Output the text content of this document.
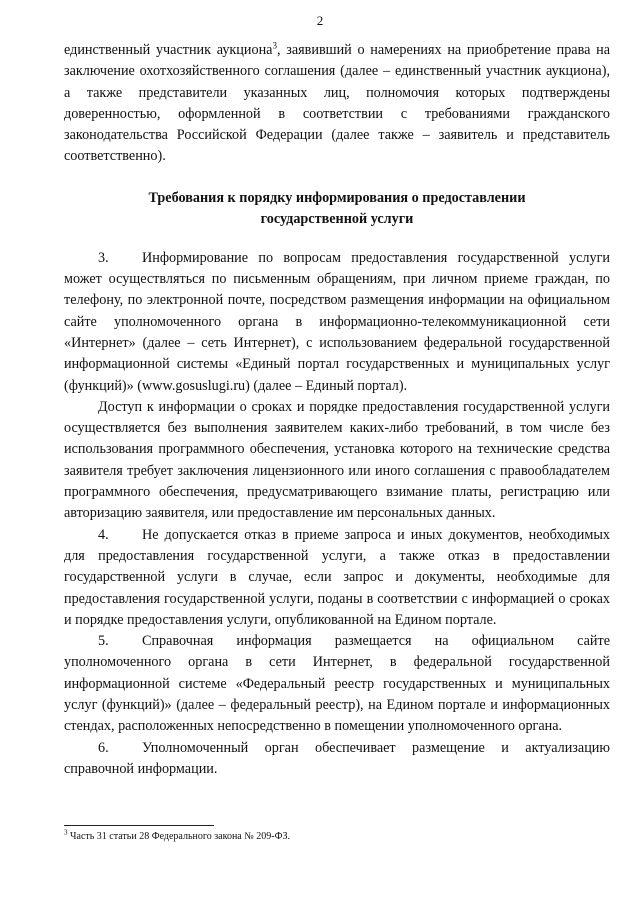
2

единственный участник аукциона$^3$, заявивший о намерениях на приобретение права на заключение охотхозяйственного соглашения (далее – единственный участник аукциона), а также представители указанных лиц, полномочия которых подтверждены доверенностью, оформленной в соответствии с требованиями гражданского законодательства Российской Федерации (далее также – заявитель и представитель соответственно).

Требования к порядку информирования о предоставлении
государственной услуги

3. Информирование по вопросам предоставления государственной услуги может осуществляться по письменным обращениям, при личном приеме граждан, по телефону, по электронной почте, посредством размещения информации на официальном сайте уполномоченного органа в информационно-телекоммуникационной сети «Интернет» (далее – сеть Интернет), с использованием федеральной государственной информационной системы «Единый портал государственных и муниципальных услуг (функций)» (www.gosuslugi.ru) (далее – Единый портал).

Доступ к информации о сроках и порядке предоставления государственной услуги осуществляется без выполнения заявителем каких-либо требований, в том числе без использования программного обеспечения, установка которого на технические средства заявителя требует заключения лицензионного или иного соглашения с правообладателем программного обеспечения, предусматривающего взимание платы, регистрацию или авторизацию заявителя, или предоставление им персональных данных.

4. Не допускается отказ в приеме запроса и иных документов, необходимых для предоставления государственной услуги, а также отказ в предоставлении государственной услуги в случае, если запрос и документы, необходимые для предоставления государственной услуги, поданы в соответствии с информацией о сроках и порядке предоставления услуги, опубликованной на Едином портале.

5. Справочная информация размещается на официальном сайте уполномоченного органа в сети Интернет, в федеральной государственной информационной системе «Федеральный реестр государственных и муниципальных услуг (функций)» (далее – федеральный реестр), на Едином портале и информационных стендах, расположенных непосредственно в помещении уполномоченного органа.

6. Уполномоченный орган обеспечивает размещение и актуализацию справочной информации.

$^3$ Часть 31 статьи 28 Федерального закона № 209-ФЗ.
